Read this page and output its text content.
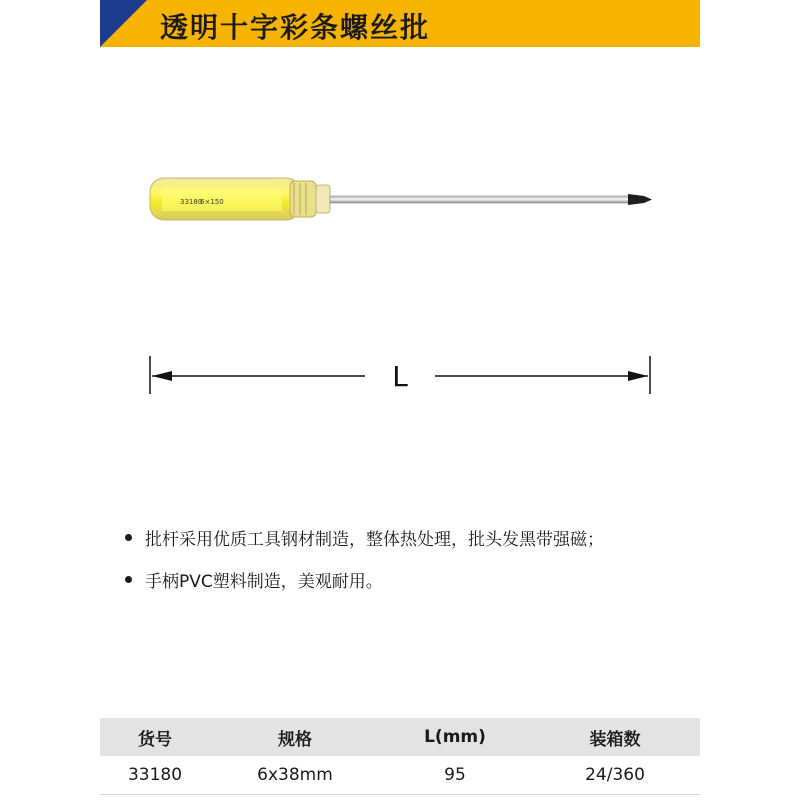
透明十字彩条螺丝批
33180
6×150
L
批杆采用优质工具钢材制造，整体热处理，批头发黑带强磁；
手柄PVC塑料制造，美观耐用。
货号	规格	L(mm)	装箱数
33180	6x38mm	95	24/360
